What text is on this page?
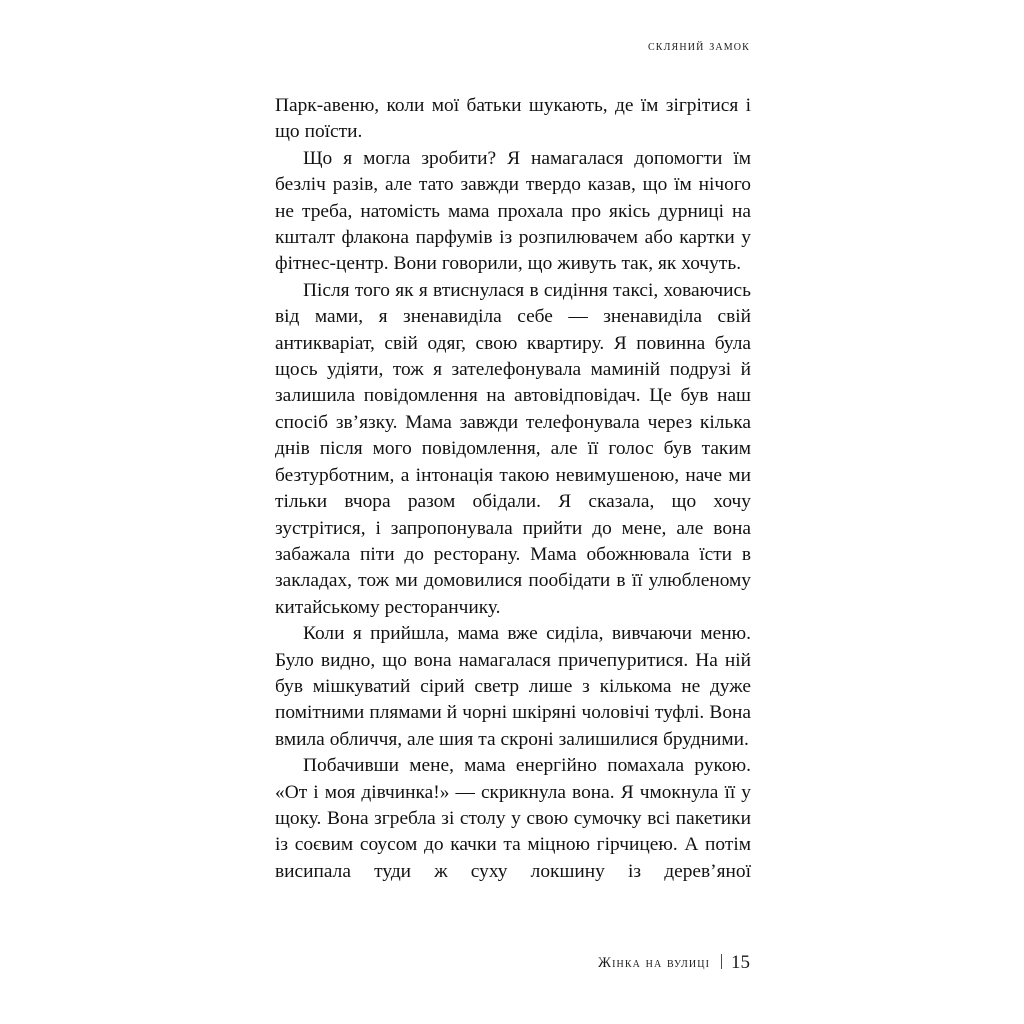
скляний замок

Парк-авеню, коли мої батьки шукають, де їм зігрітися і що поїсти.

Що я могла зробити? Я намагалася допомогти їм безліч разів, але тато завжди твердо казав, що їм нічого не треба, натомість мама прохала про якісь дурниці на кшталт флакона парфумів із розпилювачем або картки у фітнес-центр. Вони говорили, що живуть так, як хочуть.

Після того як я втиснулася в сидіння таксі, ховаючись від мами, я зненавиділа себе — зненавиділа свій антикваріат, свій одяг, свою квартиру. Я повинна була щось удіяти, тож я зателефонувала маминій подрузі й залишила повідомлення на автовідповідач. Це був наш спосіб зв’язку. Мама завжди телефонувала через кілька днів після мого повідомлення, але її голос був таким безтурботним, а інтонація такою невимушеною, наче ми тільки вчора разом обідали. Я сказала, що хочу зустрітися, і запропонувала прийти до мене, але вона забажала піти до ресторану. Мама обожнювала їсти в закладах, тож ми домовилися пообідати в її улюбленому китайському ресторанчику.

Коли я прийшла, мама вже сиділа, вивчаючи меню. Було видно, що вона намагалася причепуритися. На ній був мішкуватий сірий светр лише з кількома не дуже помітними плямами й чорні шкіряні чоловічі туфлі. Вона вмила обличчя, але шия та скроні залишилися брудними.

Побачивши мене, мама енергійно помахала рукою. «От і моя дівчинка!» — скрикнула вона. Я чмокнула її у щоку. Вона згребла зі столу у свою сумочку всі пакетики із соєвим соусом до качки та міцною гірчицею. А потім висипала туди ж суху локшину із дерев’яної

Жінка на вулиці 15
